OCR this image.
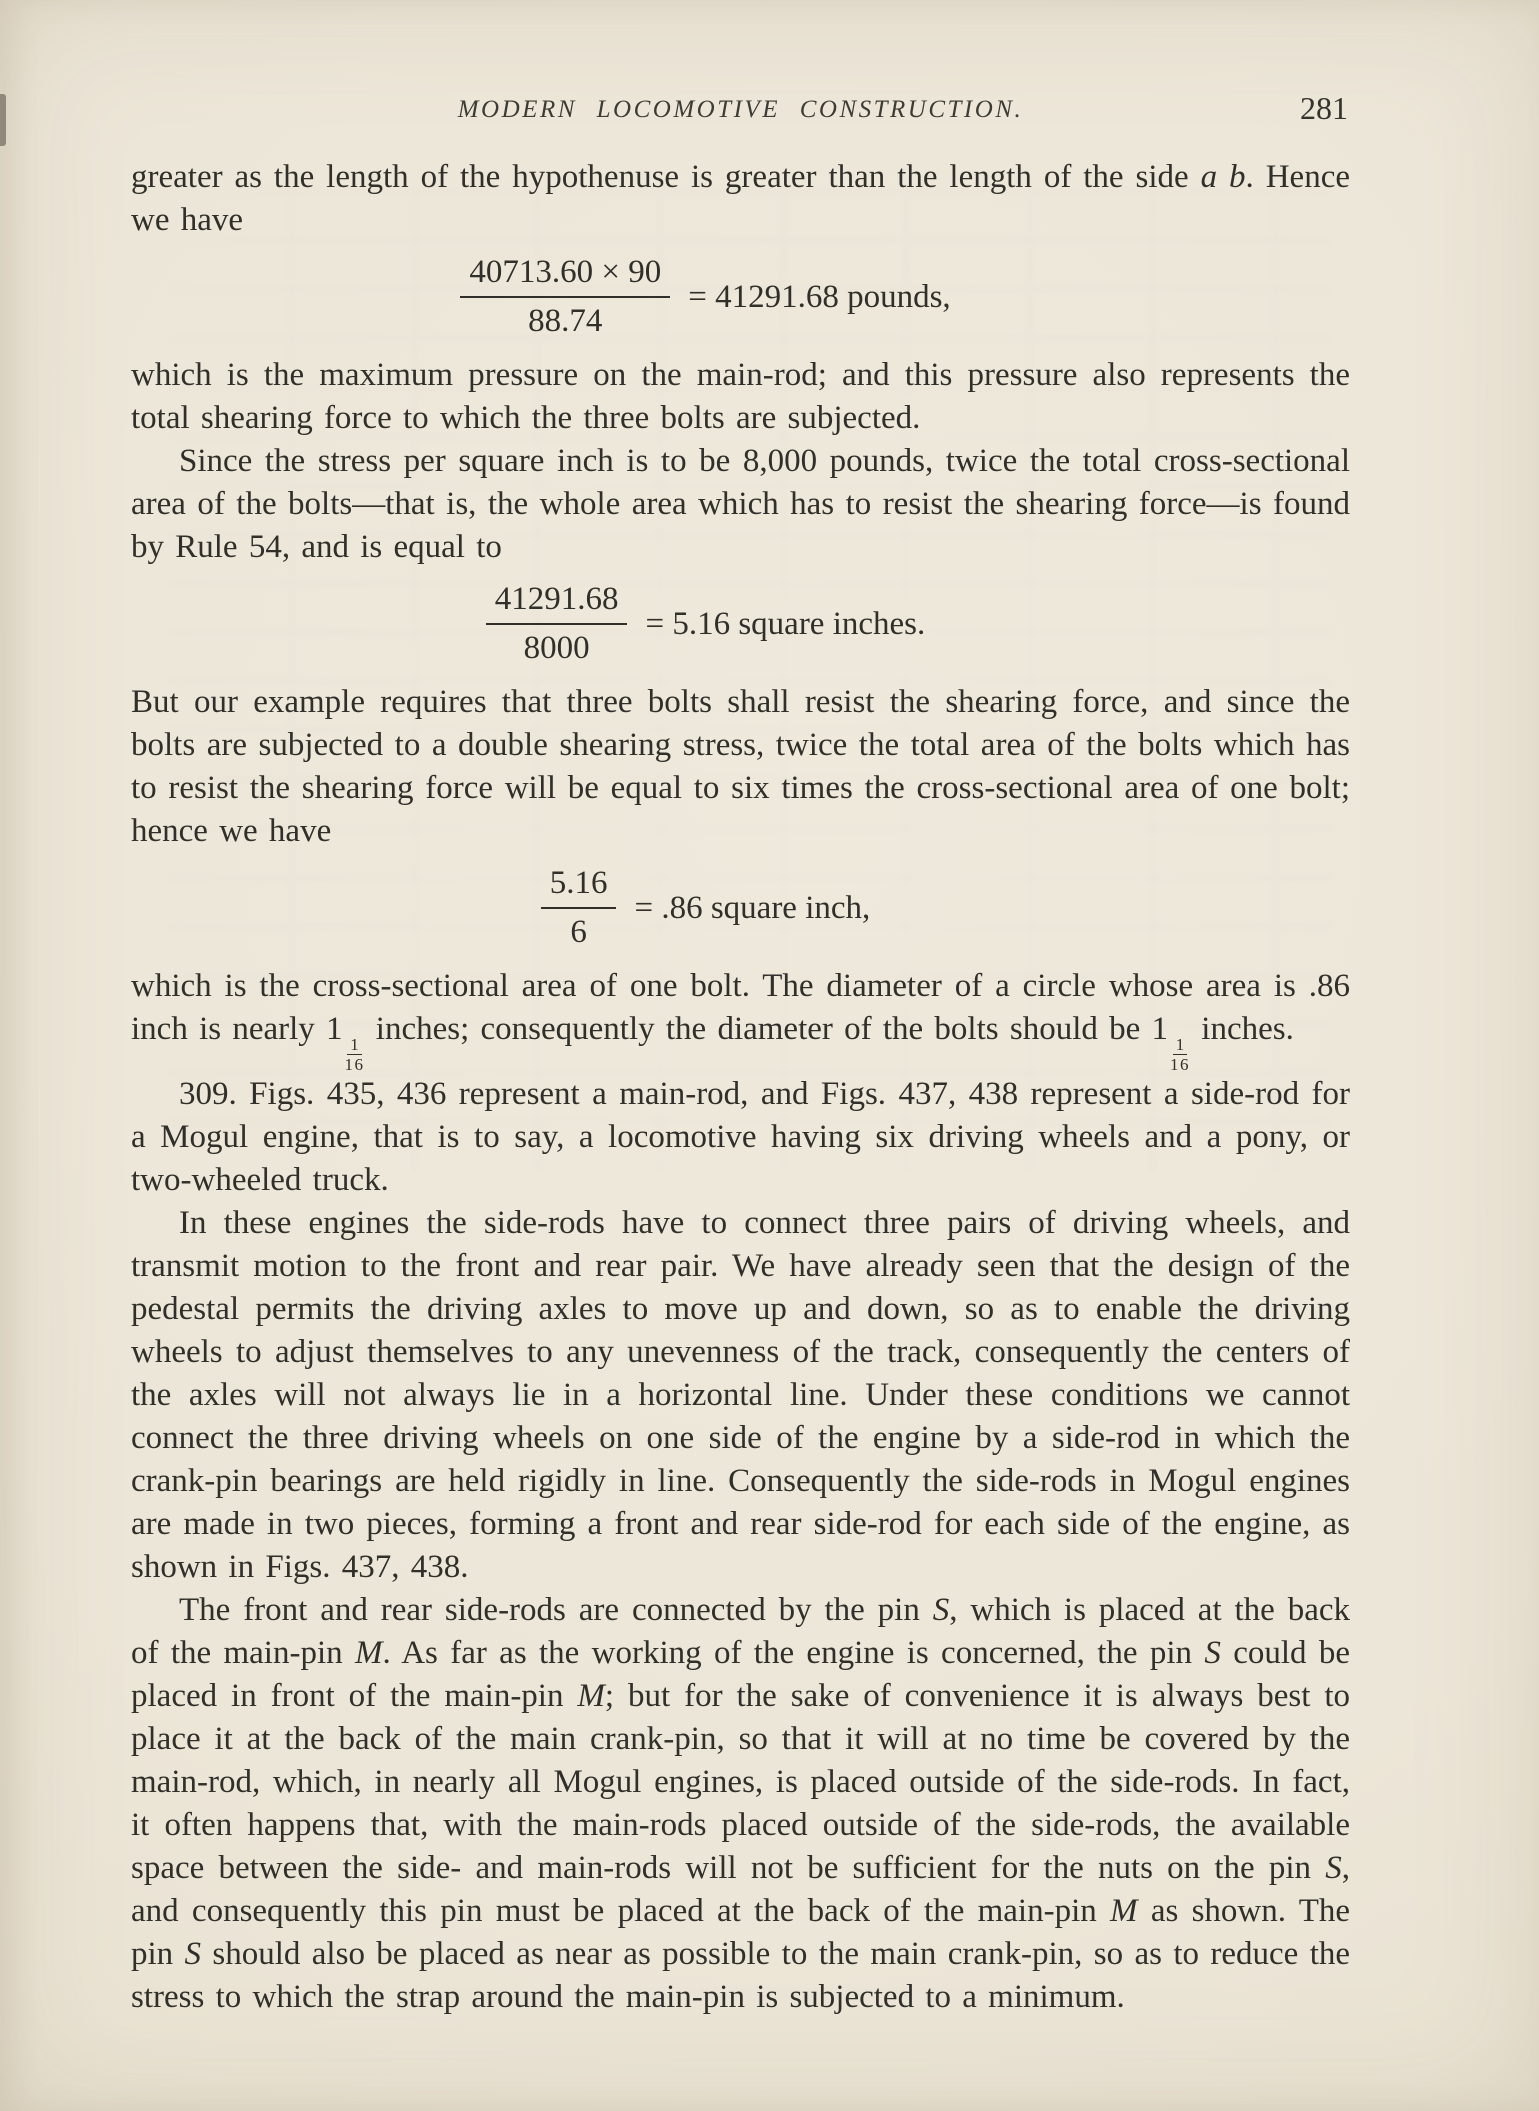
MODERN LOCOMOTIVE CONSTRUCTION.	281

greater as the length of the hypothenuse is greater than the length of the side a b. Hence we have

$\frac{40713.60 \times 90}{88.74} = 41291.68$ pounds,

which is the maximum pressure on the main-rod; and this pressure also represents the total shearing force to which the three bolts are subjected.

Since the stress per square inch is to be 8,000 pounds, twice the total cross-sectional area of the bolts—that is, the whole area which has to resist the shearing force—is found by Rule 54, and is equal to

$\frac{41291.68}{8000} = 5.16$ square inches.

But our example requires that three bolts shall resist the shearing force, and since the bolts are subjected to a double shearing stress, twice the total area of the bolts which has to resist the shearing force will be equal to six times the cross-sectional area of one bolt; hence we have

$\frac{5.16}{6} = .86$ square inch,

which is the cross-sectional area of one bolt. The diameter of a circle whose area is .86 inch is nearly 1
$\frac{1}{16}$
inches; consequently the diameter of the bolts should be 1
$\frac{1}{16}$
inches.

309. Figs. 435, 436 represent a main-rod, and Figs. 437, 438 represent a side-rod for a Mogul engine, that is to say, a locomotive having six driving wheels and a pony, or two-wheeled truck.

In these engines the side-rods have to connect three pairs of driving wheels, and transmit motion to the front and rear pair. We have already seen that the design of the pedestal permits the driving axles to move up and down, so as to enable the driving wheels to adjust themselves to any unevenness of the track, consequently the centers of the axles will not always lie in a horizontal line. Under these conditions we cannot connect the three driving wheels on one side of the engine by a side-rod in which the crank-pin bearings are held rigidly in line. Consequently the side-rods in Mogul engines are made in two pieces, forming a front and rear side-rod for each side of the engine, as shown in Figs. 437, 438.

The front and rear side-rods are connected by the pin S, which is placed at the back of the main-pin M. As far as the working of the engine is concerned, the pin S could be placed in front of the main-pin M; but for the sake of convenience it is always best to place it at the back of the main crank-pin, so that it will at no time be covered by the main-rod, which, in nearly all Mogul engines, is placed outside of the side-rods. In fact, it often happens that, with the main-rods placed outside of the side-rods, the available space between the side- and main-rods will not be sufficient for the nuts on the pin S, and consequently this pin must be placed at the back of the main-pin M as shown. The pin S should also be placed as near as possible to the main crank-pin, so as to reduce the stress to which the strap around the main-pin is subjected to a minimum.
